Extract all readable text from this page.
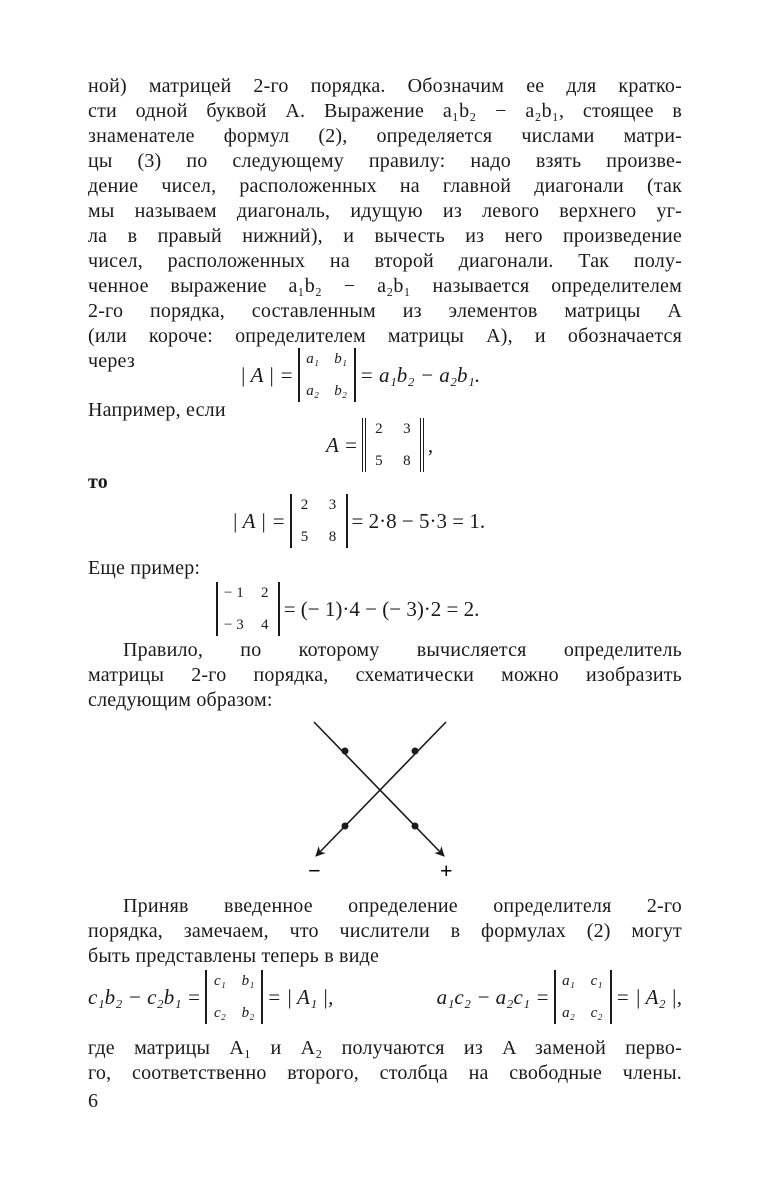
ной) матрицей 2-го порядка. Обозначим ее для кратко-
сти одной буквой A. Выражение a₁b₂ − a₂b₁, стоящее в
знаменателе формул (2), определяется числами матри-
цы (3) по следующему правилу: надо взять произве-
дение чисел, расположенных на главной диагонали (так
мы называем диагональ, идущую из левого верхнего уг-
ла в правый нижний), и вычесть из него произведение
чисел, расположенных на второй диагонали. Так полу-
ченное выражение a₁b₂ − a₂b₁ называется определителем
2-го порядка, составленным из элементов матрицы A
(или короче: определителем матрицы A), и обозначается
через
| A | =
a₁ b₁
a₂ b₂
= a₁b₂ − a₂b₁.
Например, если
A =
2 3
5 8
,
то
| A | =
2 3
5 8
= 2·8 − 5·3 = 1.
Еще пример:
− 1 2
− 3 4
= (− 1)·4 − (− 3)·2 = 2.
Правило, по которому вычисляется определитель
матрицы 2-го порядка, схематически можно изобразить
следующим образом:
−	+
Приняв введенное определение определителя 2-го
порядка, замечаем, что числители в формулах (2) могут
быть представлены теперь в виде
c₁b₂ − c₂b₁ =
c₁ b₁
c₂ b₂
= | A₁ |,	a₁c₂ − a₂c₁ =
a₁ c₁
a₂ c₂
= | A₂ |,
где матрицы A₁ и A₂ получаются из A заменой перво-
го, соответственно второго, столбца на свободные члены.
6
